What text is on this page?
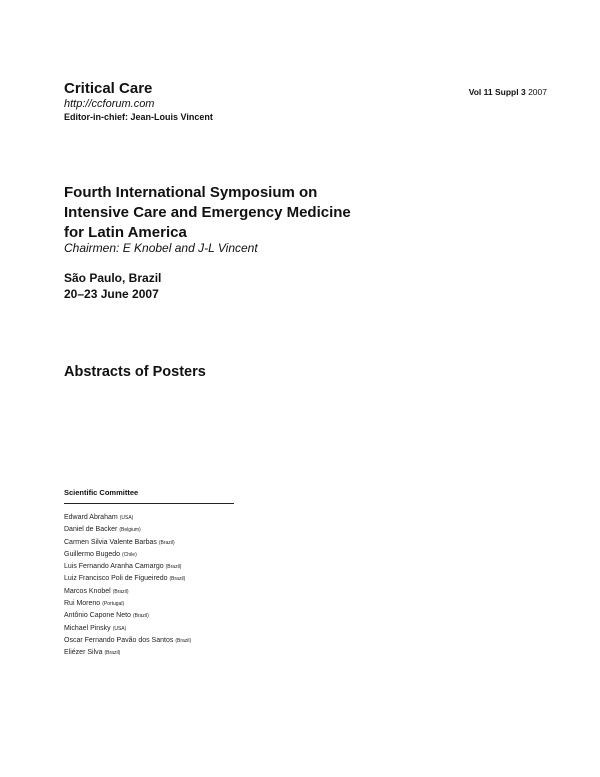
Critical Care
http://ccforum.com
Editor-in-chief: Jean-Louis Vincent
Vol 11 Suppl 3 2007
Fourth International Symposium on
Intensive Care and Emergency Medicine
for Latin America
Chairmen: E Knobel and J-L Vincent
São Paulo, Brazil
20–23 June 2007
Abstracts of Posters
Scientific Committee
Edward Abraham (USA)
Daniel de Backer (Belgium)
Carmen Silvia Valente Barbas (Brazil)
Guillermo Bugedo (Chile)
Luis Fernando Aranha Camargo (Brazil)
Luiz Francisco Poli de Figueiredo (Brazil)
Marcos Knobel (Brazil)
Rui Moreno (Portugal)
Antônio Capone Neto (Brazil)
Michael Pinsky (USA)
Oscar Fernando Pavão dos Santos (Brazil)
Eliézer Silva (Brazil)
